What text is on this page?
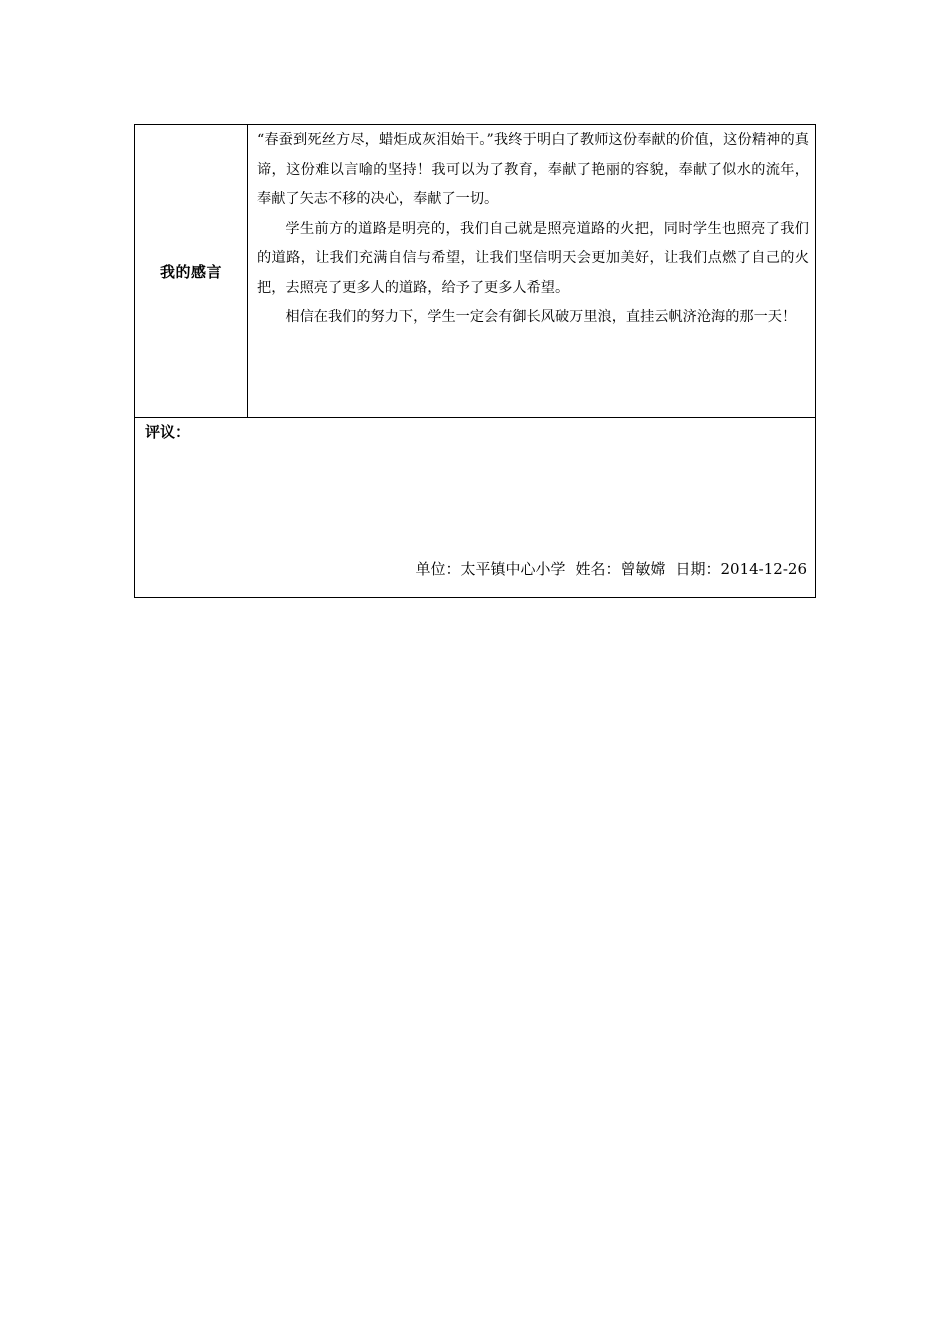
我的感言

“春蚕到死丝方尽，蜡炬成灰泪始干。”我终于明白了教师这份奉献的价值，这份精神的真谛，这份难以言喻的坚持！我可以为了教育，奉献了艳丽的容貌，奉献了似水的流年，奉献了矢志不移的决心，奉献了一切。

学生前方的道路是明亮的，我们自己就是照亮道路的火把，同时学生也照亮了我们的道路，让我们充满自信与希望，让我们坚信明天会更加美好，让我们点燃了自己的火把，去照亮了更多人的道路，给予了更多人希望。

相信在我们的努力下，学生一定会有御长风破万里浪，直挂云帆济沧海的那一天！

评议：
单位：太平镇中心小学 姓名：曾敏嫦 日期：2014-12-26
